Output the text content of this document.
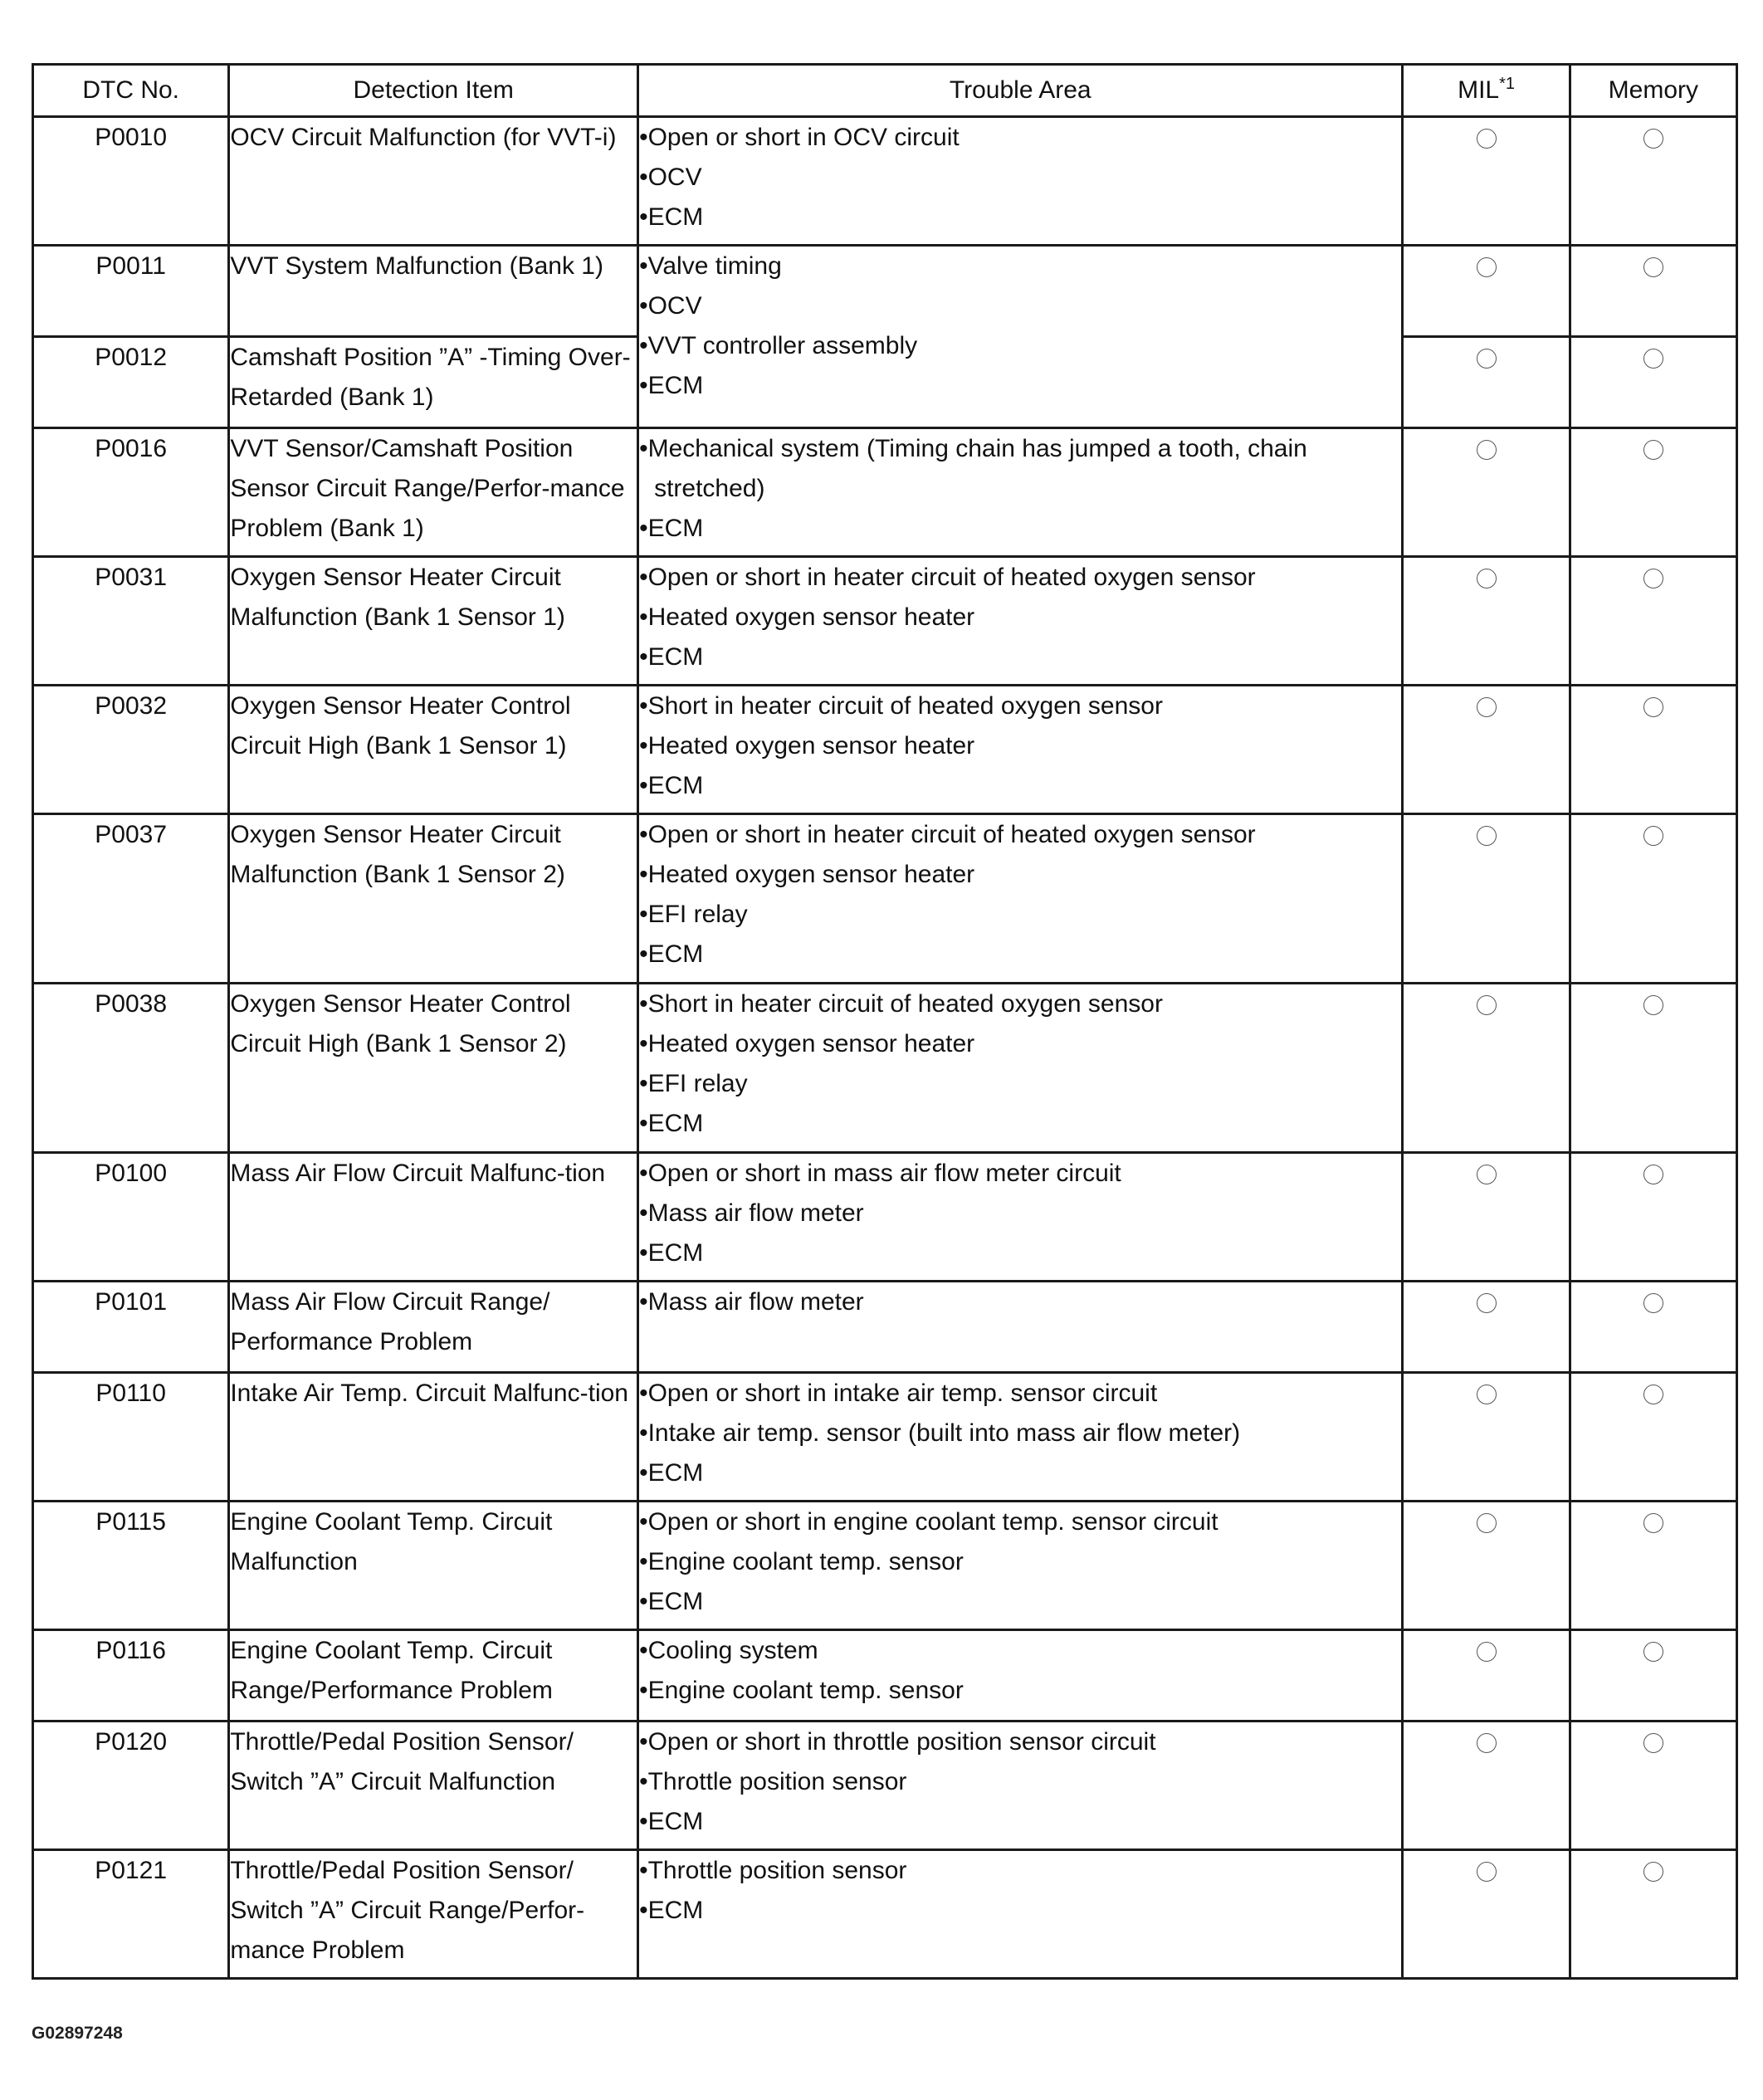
DTC No.	Detection Item	Trouble Area	MIL$^{*1}$	Memory
P0010	OCV Circuit Malfunction (for VVT-i)	•Open or short in OCV circuit
•OCV
•ECM		

P0011	VVT System Malfunction (Bank 1)	•Valve timing
•OCV
•VVT controller assembly
•ECM		

P0012	Camshaft Position ”A” -Timing Over- Retarded (Bank 1)			
P0016	VVT Sensor/Camshaft Position Sensor Circuit Range/Perfor-mance Problem (Bank 1)	•Mechanical system (Timing chain has jumped a tooth, chain stretched)
•ECM		

P0031	Oxygen Sensor Heater Circuit Malfunction (Bank 1 Sensor 1)	•Open or short in heater circuit of heated oxygen sensor
•Heated oxygen sensor heater
•ECM		

P0032	Oxygen Sensor Heater Control Circuit High (Bank 1 Sensor 1)	•Short in heater circuit of heated oxygen sensor
•Heated oxygen sensor heater
•ECM		

P0037	Oxygen Sensor Heater Circuit Malfunction (Bank 1 Sensor 2)	•Open or short in heater circuit of heated oxygen sensor
•Heated oxygen sensor heater
•EFI relay
•ECM		

P0038	Oxygen Sensor Heater Control Circuit High (Bank 1 Sensor 2)	•Short in heater circuit of heated oxygen sensor
•Heated oxygen sensor heater
•EFI relay
•ECM		

P0100	Mass Air Flow Circuit Malfunc-tion	•Open or short in mass air flow meter circuit
•Mass air flow meter
•ECM		

P0101	Mass Air Flow Circuit Range/ Performance Problem	•Mass air flow meter		

P0110	Intake Air Temp. Circuit Malfunc-tion	•Open or short in intake air temp. sensor circuit
•Intake air temp. sensor (built into mass air flow meter)
•ECM		

P0115	Engine Coolant Temp. Circuit Malfunction	•Open or short in engine coolant temp. sensor circuit
•Engine coolant temp. sensor
•ECM		

P0116	Engine Coolant Temp. Circuit Range/Performance Problem	•Cooling system
•Engine coolant temp. sensor		

P0120	Throttle/Pedal Position Sensor/ Switch ”A” Circuit Malfunction	•Open or short in throttle position sensor circuit
•Throttle position sensor
•ECM		

P0121	Throttle/Pedal Position Sensor/ Switch ”A” Circuit Range/Perfor-mance Problem	•Throttle position sensor
•ECM		

G02897248
